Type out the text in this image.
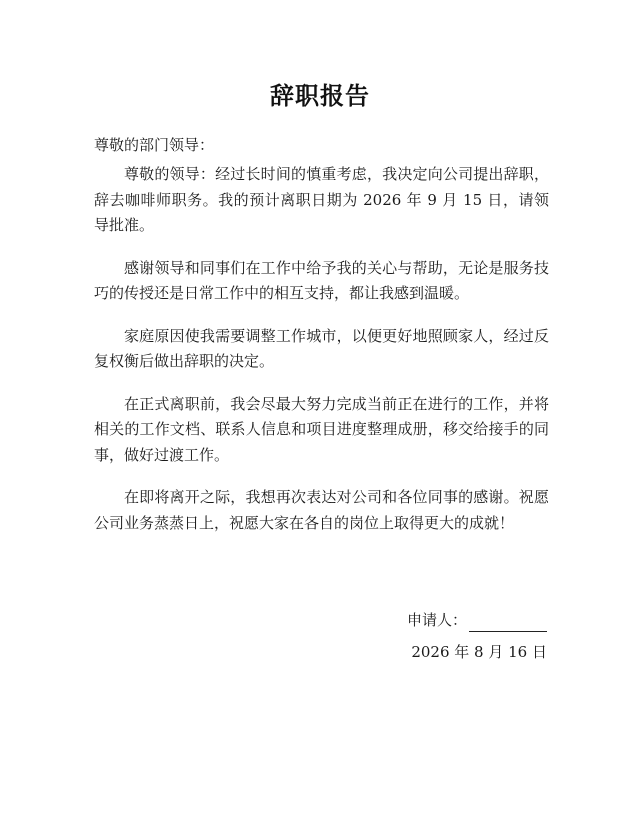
辞职报告
尊敬的部门领导：

尊敬的领导：经过长时间的慎重考虑，我决定向公司提出辞职，辞去咖啡师职务。我的预计离职日期为 2026 年 9 月 15 日，请领导批准。

感谢领导和同事们在工作中给予我的关心与帮助，无论是服务技巧的传授还是日常工作中的相互支持，都让我感到温暖。

家庭原因使我需要调整工作城市，以便更好地照顾家人，经过反复权衡后做出辞职的决定。

在正式离职前，我会尽最大努力完成当前正在进行的工作，并将相关的工作文档、联系人信息和项目进度整理成册，移交给接手的同事，做好过渡工作。

在即将离开之际，我想再次表达对公司和各位同事的感谢。祝愿公司业务蒸蒸日上，祝愿大家在各自的岗位上取得更大的成就！

申请人：
2026 年 8 月 16 日
